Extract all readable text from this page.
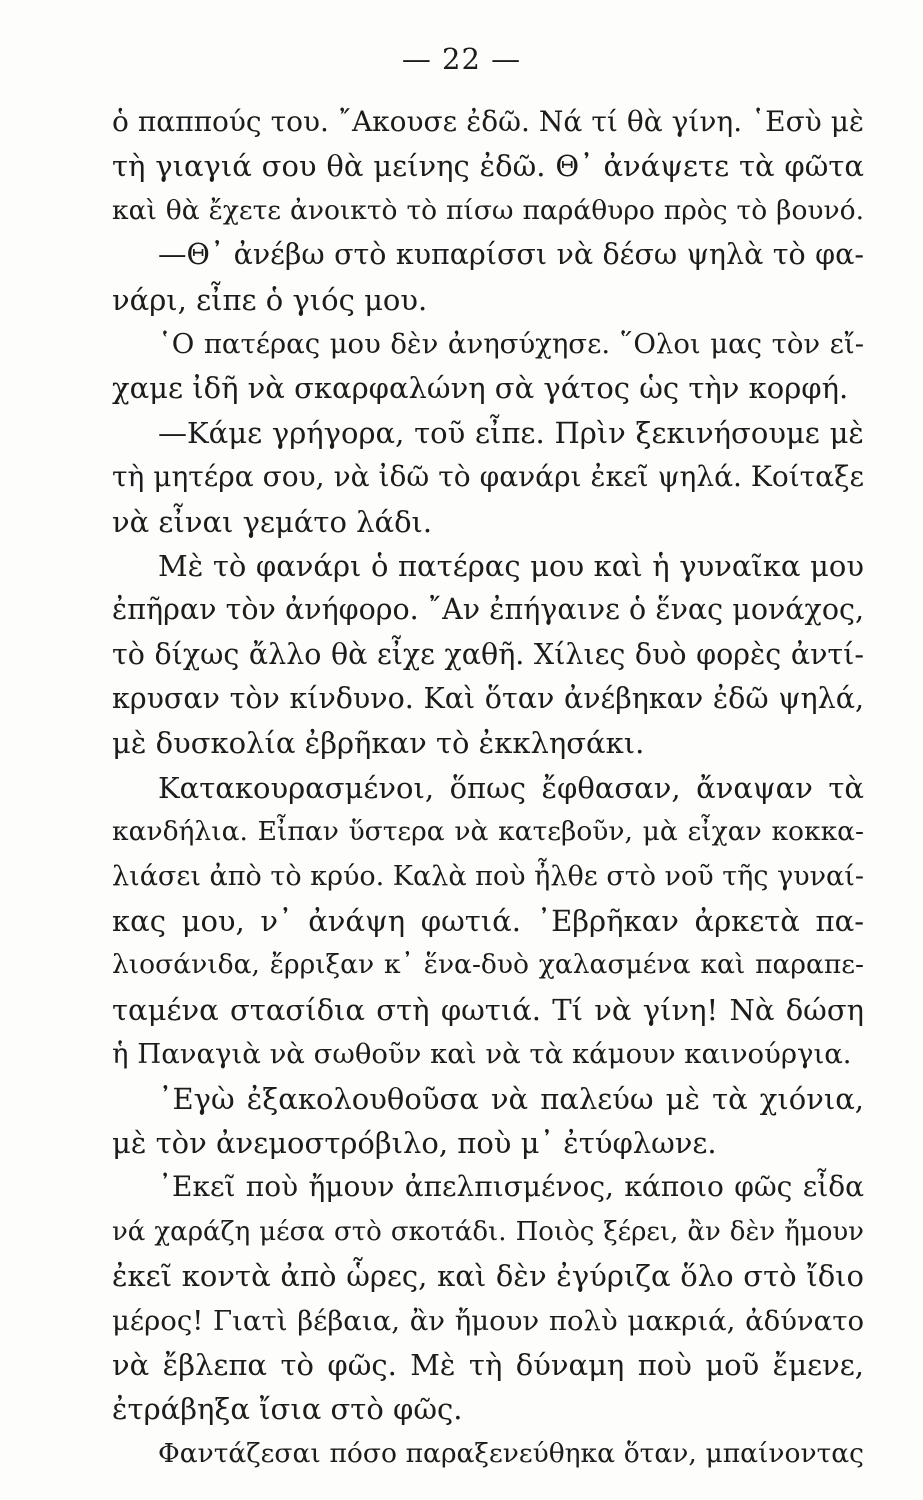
— 22 —
ὁ παππούς του. ῎Ακουσε ἐδῶ. Νά τί θὰ γίνη. ῾Εσὺ μὲ
τὴ γιαγιά σου θὰ μείνης ἐδῶ. Θ᾿ ἀνάψετε τὰ φῶτα
καὶ θὰ ἔχετε ἀνοικτὸ τὸ πίσω παράθυρο πρὸς τὸ βουνό.
—Θ᾿ ἀνέβω στὸ κυπαρίσσι νὰ δέσω ψηλὰ τὸ φα-
νάρι, εἶπε ὁ γιός μου.
῾Ο πατέρας μου δὲν ἀνησύχησε. ῞Ολοι μας τὸν εἴ-
χαμε ἰδῆ νὰ σκαρφαλώνη σὰ γάτος ὡς τὴν κορφή.
—Κάμε γρήγορα, τοῦ εἶπε. Πρὶν ξεκινήσουμε μὲ
τὴ μητέρα σου, νὰ ἰδῶ τὸ φανάρι ἐκεῖ ψηλά. Κοίταξε
νὰ εἶναι γεμάτο λάδι.
Μὲ τὸ φανάρι ὁ πατέρας μου καὶ ἡ γυναῖκα μου
ἐπῆραν τὸν ἀνήφορο. ῎Αν ἐπήγαινε ὁ ἕνας μονάχος,
τὸ δίχως ἄλλο θὰ εἶχε χαθῆ. Χίλιες δυὸ φορὲς ἀντί-
κρυσαν τὸν κίνδυνο. Καὶ ὅταν ἀνέβηκαν ἐδῶ ψηλά,
μὲ δυσκολία ἐβρῆκαν τὸ ἐκκλησάκι.
Κατακουρασμένοι, ὅπως ἔφθασαν, ἄναψαν τὰ
κανδήλια. Εἶπαν ὕστερα νὰ κατεβοῦν, μὰ εἶχαν κοκκα-
λιάσει ἀπὸ τὸ κρύο. Καλὰ ποὺ ἦλθε στὸ νοῦ τῆς γυναί-
κας μου, ν᾿ ἀνάψη φωτιά. ᾿Εβρῆκαν ἀρκετὰ πα-
λιοσάνιδα, ἔρριξαν κ᾿ ἕνα-δυὸ χαλασμένα καὶ παραπε-
ταμένα στασίδια στὴ φωτιά. Τί νὰ γίνη! Νὰ δώση
ἡ Παναγιὰ νὰ σωθοῦν καὶ νὰ τὰ κάμουν καινούργια.
᾿Εγὼ ἐξακολουθοῦσα νὰ παλεύω μὲ τὰ χιόνια,
μὲ τὸν ἀνεμοστρόβιλο, ποὺ μ᾿ ἐτύφλωνε.
᾿Εκεῖ ποὺ ἤμουν ἀπελπισμένος, κάποιο φῶς εἶδα
νά χαράζη μέσα στὸ σκοτάδι. Ποιὸς ξέρει, ἂν δὲν ἤμουν
ἐκεῖ κοντὰ ἀπὸ ὧρες, καὶ δὲν ἐγύριζα ὅλο στὸ ἴδιο
μέρος! Γιατὶ βέβαια, ἂν ἤμουν πολὺ μακριά, ἀδύνατο
νὰ ἔβλεπα τὸ φῶς. Μὲ τὴ δύναμη ποὺ μοῦ ἔμενε,
ἐτράβηξα ἴσια στὸ φῶς.
Φαντάζεσαι πόσο παραξενεύθηκα ὅταν, μπαίνοντας
